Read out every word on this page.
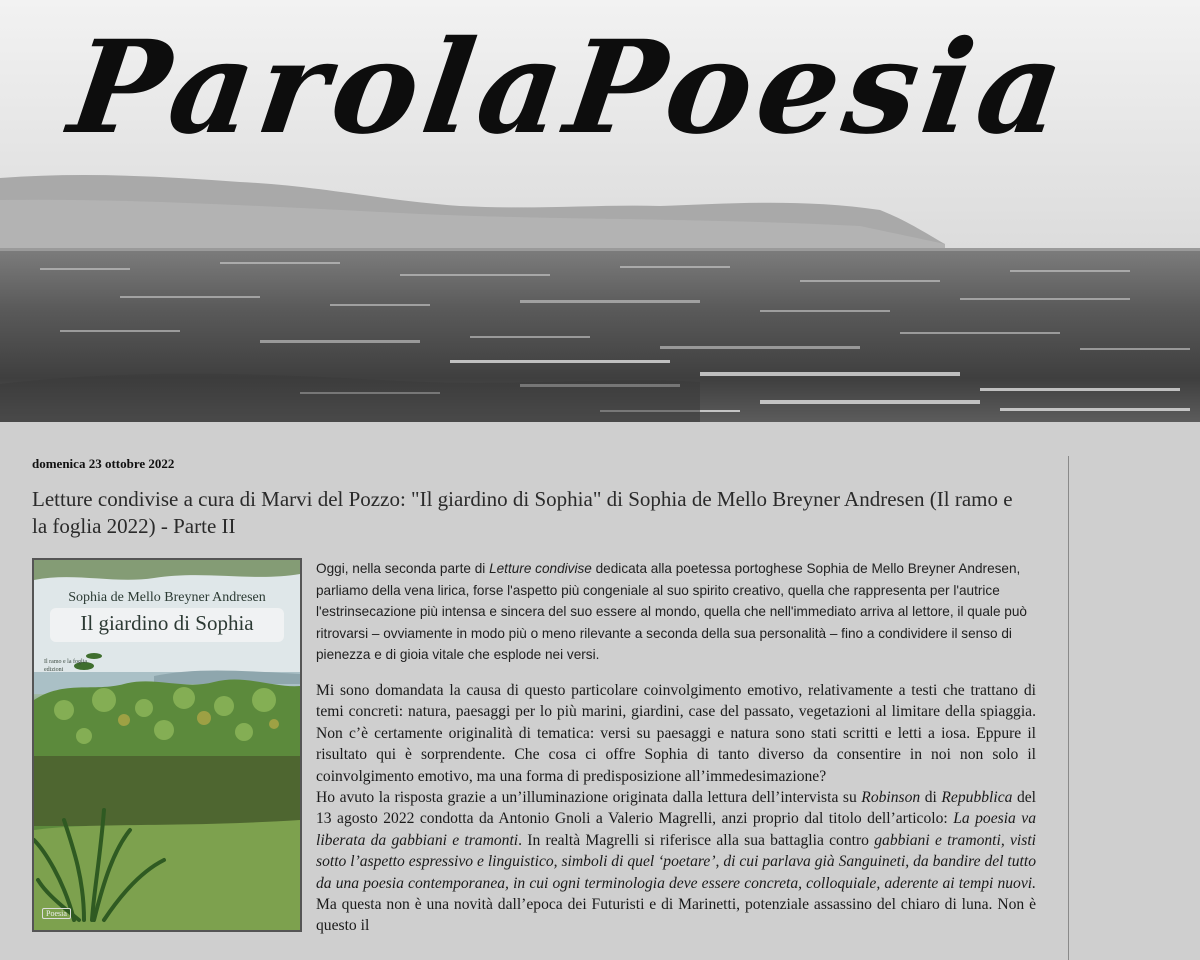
ParolaPoesia
domenica 23 ottobre 2022
Letture condivise a cura di Marvi del Pozzo: "Il giardino di Sophia" di Sophia de Mello Breyner Andresen (Il ramo e la foglia 2022) - Parte II
Sophia de Mello Breyner Andresen
Il giardino di Sophia
Il ramo e la foglia edizioni
Poesia

Oggi, nella seconda parte di Letture condivise dedicata alla poetessa portoghese Sophia de Mello Breyner Andresen, parliamo della vena lirica, forse l'aspetto più congeniale al suo spirito creativo, quella che rappresenta per l'autrice l'estrinsecazione più intensa e sincera del suo essere al mondo, quella che nell'immediato arriva al lettore, il quale può ritrovarsi – ovviamente in modo più o meno rilevante a seconda della sua personalità – fino a condividere il senso di pienezza e di gioia vitale che esplode nei versi.

Mi sono domandata la causa di questo particolare coinvolgimento emotivo, relativamente a testi che trattano di temi concreti: natura, paesaggi per lo più marini, giardini, case del passato, vegetazioni al limitare della spiaggia. Non c’è certamente originalità di tematica: versi su paesaggi e natura sono stati scritti e letti a iosa. Eppure il risultato qui è sorprendente. Che cosa ci offre Sophia di tanto diverso da consentire in noi non solo il coinvolgimento emotivo, ma una forma di predisposizione all’immedesimazione?

Ho avuto la risposta grazie a un’illuminazione originata dalla lettura dell’intervista su Robinson di Repubblica del 13 agosto 2022 condotta da Antonio Gnoli a Valerio Magrelli, anzi proprio dal titolo dell’articolo: La poesia va liberata da gabbiani e tramonti. In realtà Magrelli si riferisce alla sua battaglia contro gabbiani e tramonti, visti sotto l’aspetto espressivo e linguistico, simboli di quel ‘poetare’, di cui parlava già Sanguineti, da bandire del tutto da una poesia contemporanea, in cui ogni terminologia deve essere concreta, colloquiale, aderente ai tempi nuovi. Ma questa non è una novità dall’epoca dei Futuristi e di Marinetti, potenziale assassino del chiaro di luna. Non è questo il
